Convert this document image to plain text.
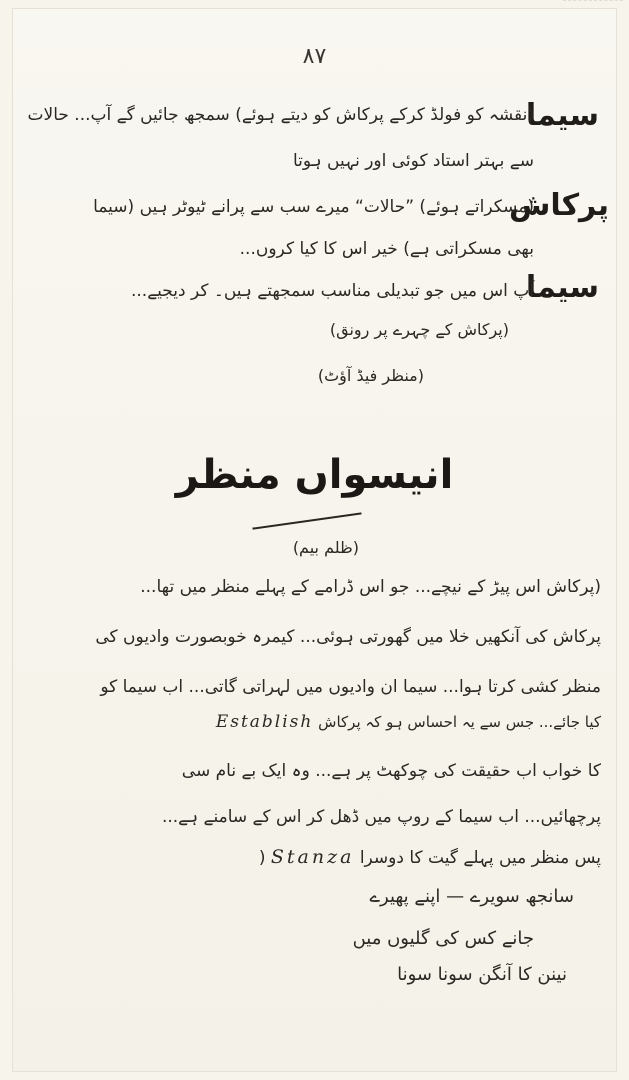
۸۷
سیما
(نقشہ کو فولڈ کرکے پرکاش کو دیتے ہوئے) سمجھ جائیں گے آپ... حالات
سے بہتر استاد کوئی اور نہیں ہوتا
پرکاش
(مسکراتے ہوئے) ”حالات“ میرے سب سے پرانے ٹیوٹر ہیں (سیما
بھی مسکراتی ہے) خیر اس کا کیا کروں...
سیما
آپ اس میں جو تبدیلی مناسب سمجھتے ہیں۔ کر دیجیے...
(پرکاش کے چہرے پر رونق)
(منظر فیڈ آؤٹ)
انیسواں منظر
(ظلم بیم)
(پرکاش اس پیڑ کے نیچے... جو اس ڈرامے کے پہلے منظر میں تھا...
پرکاش کی آنکھیں خلا میں گھورتی ہوئی... کیمرہ خوبصورت وادیوں کی
منظر کشی کرتا ہوا... سیما ان وادیوں میں لہراتی گاتی... اب سیما کو
کیا جائے... جس سے یہ احساس ہو کہ پرکاش Establish
کا خواب اب حقیقت کی چوکھٹ پر ہے... وہ ایک بے نام سی
پرچھائیں... اب سیما کے روپ میں ڈھل کر اس کے سامنے ہے...
پس منظر میں پہلے گیت کا دوسرا Stanza (
سانجھ سویرے — اپنے پھیرے
جانے کس کی گلیوں میں
نینن کا آنگن سونا سونا
